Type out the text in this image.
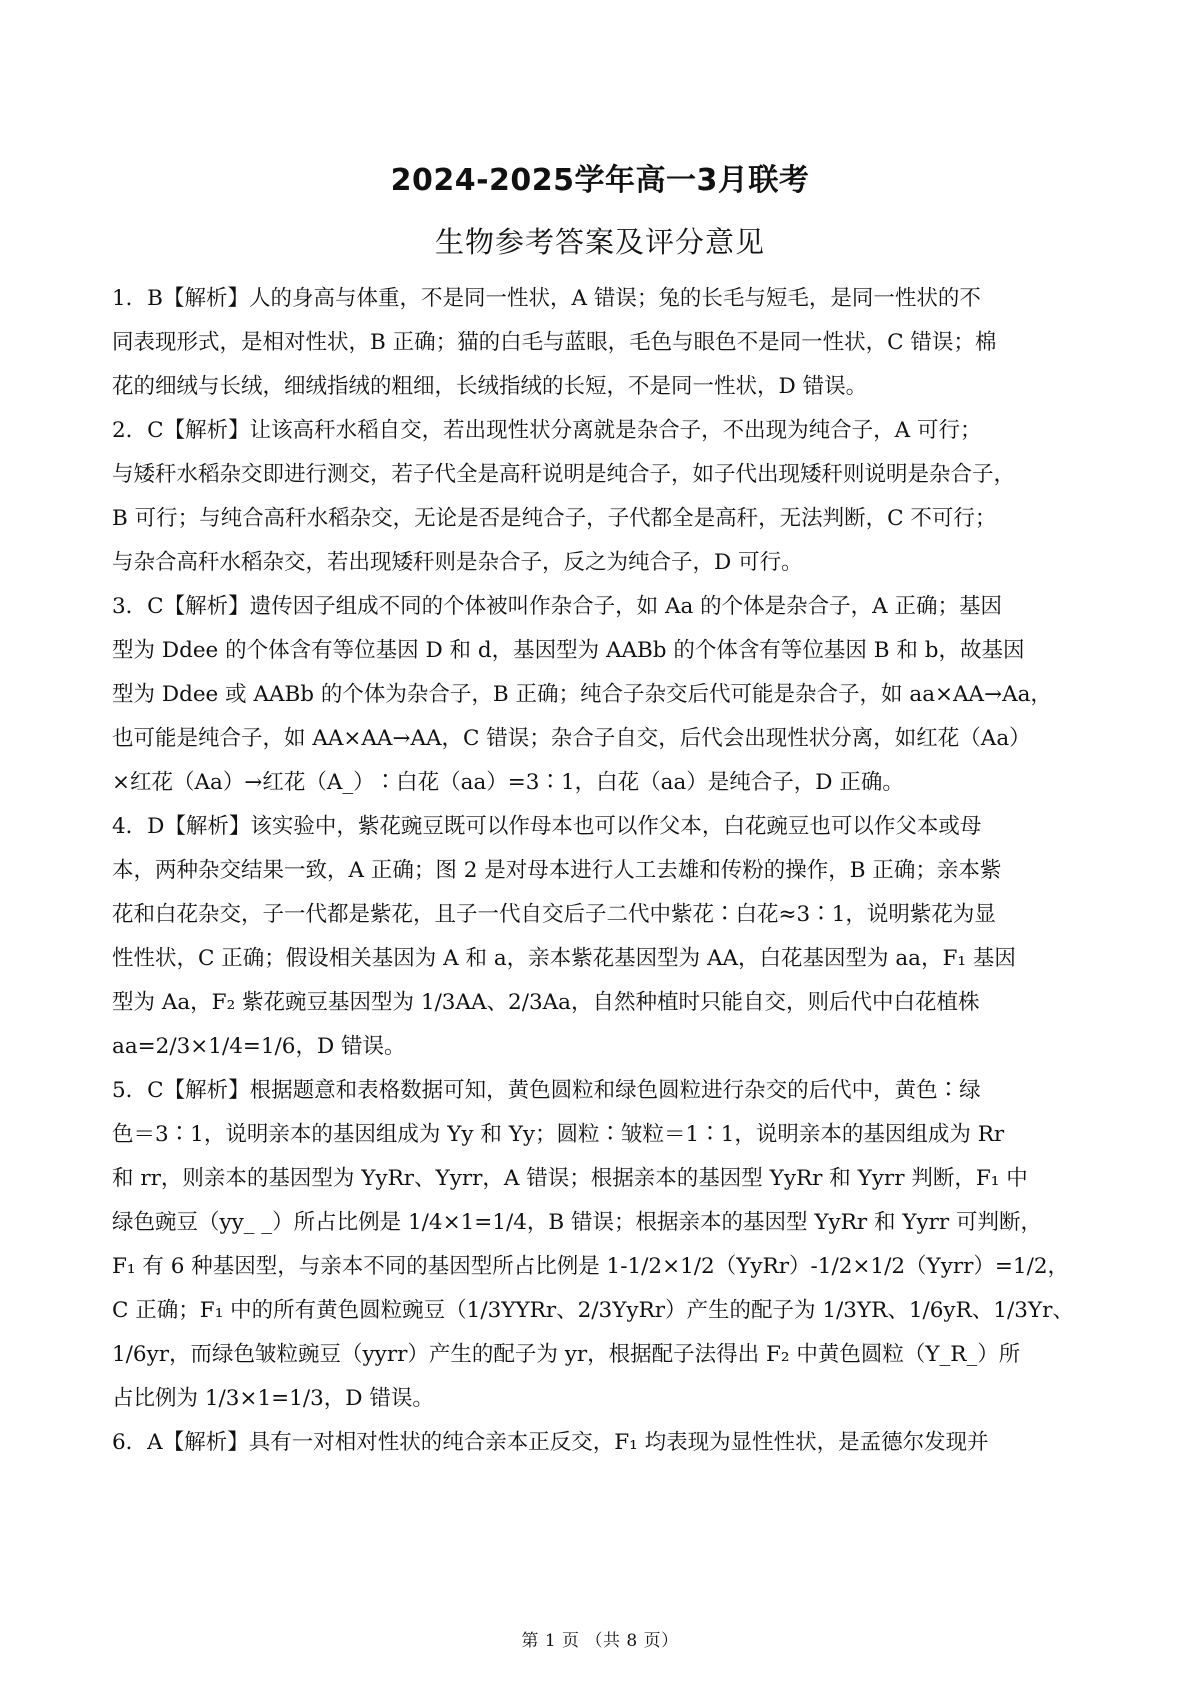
2024-2025学年高一3月联考
生物参考答案及评分意见

1．B【解析】人的身高与体重，不是同一性状，A 错误；兔的长毛与短毛，是同一性状的不

同表现形式，是相对性状，B 正确；猫的白毛与蓝眼，毛色与眼色不是同一性状，C 错误；棉

花的细绒与长绒，细绒指绒的粗细，长绒指绒的长短，不是同一性状，D 错误。

2．C【解析】让该高秆水稻自交，若出现性状分离就是杂合子，不出现为纯合子，A 可行；

与矮秆水稻杂交即进行测交，若子代全是高秆说明是纯合子，如子代出现矮秆则说明是杂合子，

B 可行；与纯合高秆水稻杂交，无论是否是纯合子，子代都全是高秆，无法判断，C 不可行；

与杂合高秆水稻杂交，若出现矮秆则是杂合子，反之为纯合子，D 可行。

3．C【解析】遗传因子组成不同的个体被叫作杂合子，如 Aa 的个体是杂合子，A 正确；基因

型为 Ddee 的个体含有等位基因 D 和 d，基因型为 AABb 的个体含有等位基因 B 和 b，故基因

型为 Ddee 或 AABb 的个体为杂合子，B 正确；纯合子杂交后代可能是杂合子，如 aa×AA→Aa，

也可能是纯合子，如 AA×AA→AA，C 错误；杂合子自交，后代会出现性状分离，如红花（Aa）

×红花（Aa）→红花（A_）∶白花（aa）=3∶1，白花（aa）是纯合子，D 正确。

4．D【解析】该实验中，紫花豌豆既可以作母本也可以作父本，白花豌豆也可以作父本或母

本，两种杂交结果一致，A 正确；图 2 是对母本进行人工去雄和传粉的操作，B 正确；亲本紫

花和白花杂交，子一代都是紫花，且子一代自交后子二代中紫花∶白花≈3∶1，说明紫花为显

性性状，C 正确；假设相关基因为 A 和 a，亲本紫花基因型为 AA，白花基因型为 aa，F₁ 基因

型为 Aa，F₂ 紫花豌豆基因型为 1/3AA、2/3Aa，自然种植时只能自交，则后代中白花植株

aa=2/3×1/4=1/6，D 错误。

5．C【解析】根据题意和表格数据可知，黄色圆粒和绿色圆粒进行杂交的后代中，黄色∶绿

色＝3∶1，说明亲本的基因组成为 Yy 和 Yy；圆粒∶皱粒＝1∶1，说明亲本的基因组成为 Rr

和 rr，则亲本的基因型为 YyRr、Yyrr，A 错误；根据亲本的基因型 YyRr 和 Yyrr 判断，F₁ 中

绿色豌豆（yy_ _）所占比例是 1/4×1=1/4，B 错误；根据亲本的基因型 YyRr 和 Yyrr 可判断，

F₁ 有 6 种基因型，与亲本不同的基因型所占比例是 1-1/2×1/2（YyRr）-1/2×1/2（Yyrr）=1/2，

C 正确；F₁ 中的所有黄色圆粒豌豆（1/3YYRr、2/3YyRr）产生的配子为 1/3YR、1/6yR、1/3Yr、

1/6yr，而绿色皱粒豌豆（yyrr）产生的配子为 yr，根据配子法得出 F₂ 中黄色圆粒（Y_R_）所

占比例为 1/3×1=1/3，D 错误。

6．A【解析】具有一对相对性状的纯合亲本正反交，F₁ 均表现为显性性状，是孟德尔发现并

第 1 页 （共 8 页）
